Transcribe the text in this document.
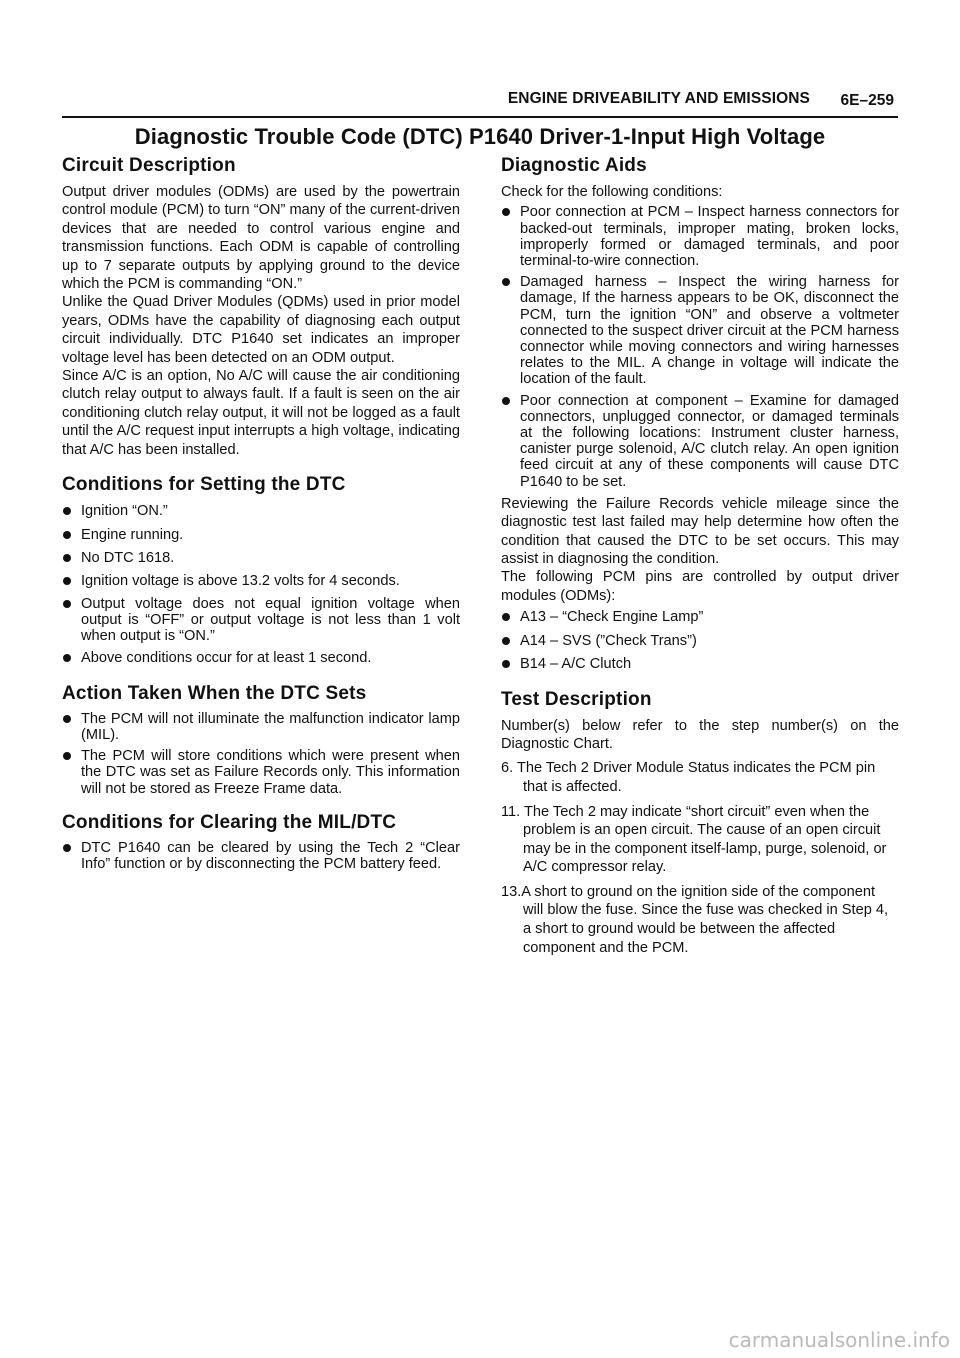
ENGINE DRIVEABILITY AND EMISSIONS 6E–259
Diagnostic Trouble Code (DTC) P1640 Driver-1-Input High Voltage
Circuit Description

Output driver modules (ODMs) are used by the powertrain control module (PCM) to turn “ON” many of the current-driven devices that are needed to control various engine and transmission functions. Each ODM is capable of controlling up to 7 separate outputs by applying ground to the device which the PCM is commanding “ON.”

Unlike the Quad Driver Modules (QDMs) used in prior model years, ODMs have the capability of diagnosing each output circuit individually. DTC P1640 set indicates an improper voltage level has been detected on an ODM output.

Since A/C is an option, No A/C will cause the air conditioning clutch relay output to always fault. If a fault is seen on the air conditioning clutch relay output, it will not be logged as a fault until the A/C request input interrupts a high voltage, indicating that A/C has been installed.

Conditions for Setting the DTC
Ignition “ON.”
Engine running.
No DTC 1618.
Ignition voltage is above 13.2 volts for 4 seconds.
Output voltage does not equal ignition voltage when output is “OFF” or output voltage is not less than 1 volt when output is “ON.”
Above conditions occur for at least 1 second.
Action Taken When the DTC Sets
The PCM will not illuminate the malfunction indicator lamp (MIL).
The PCM will store conditions which were present when the DTC was set as Failure Records only. This information will not be stored as Freeze Frame data.
Conditions for Clearing the MIL/DTC
DTC P1640 can be cleared by using the Tech 2 “Clear Info” function or by disconnecting the PCM battery feed.
Diagnostic Aids

Check for the following conditions:

Poor connection at PCM – Inspect harness connectors for backed-out terminals, improper mating, broken locks, improperly formed or damaged terminals, and poor terminal-to-wire connection.
Damaged harness – Inspect the wiring harness for damage, If the harness appears to be OK, disconnect the PCM, turn the ignition “ON” and observe a voltmeter connected to the suspect driver circuit at the PCM harness connector while moving connectors and wiring harnesses relates to the MIL. A change in voltage will indicate the location of the fault.
Poor connection at component – Examine for damaged connectors, unplugged connector, or damaged terminals at the following locations: Instrument cluster harness, canister purge solenoid, A/C clutch relay. An open ignition feed circuit at any of these components will cause DTC P1640 to be set.

Reviewing the Failure Records vehicle mileage since the diagnostic test last failed may help determine how often the condition that caused the DTC to be set occurs. This may assist in diagnosing the condition.

The following PCM pins are controlled by output driver modules (ODMs):

A13 – “Check Engine Lamp”
A14 – SVS (”Check Trans”)
B14 – A/C Clutch
Test Description

Number(s) below refer to the step number(s) on the Diagnostic Chart.

6. The Tech 2 Driver Module Status indicates the PCM pin that is affected.
11. The Tech 2 may indicate “short circuit” even when the problem is an open circuit. The cause of an open circuit may be in the component itself-lamp, purge, solenoid, or A/C compressor relay.
13.A short to ground on the ignition side of the component will blow the fuse. Since the fuse was checked in Step 4, a short to ground would be between the affected component and the PCM.
carmanualsonline.info
